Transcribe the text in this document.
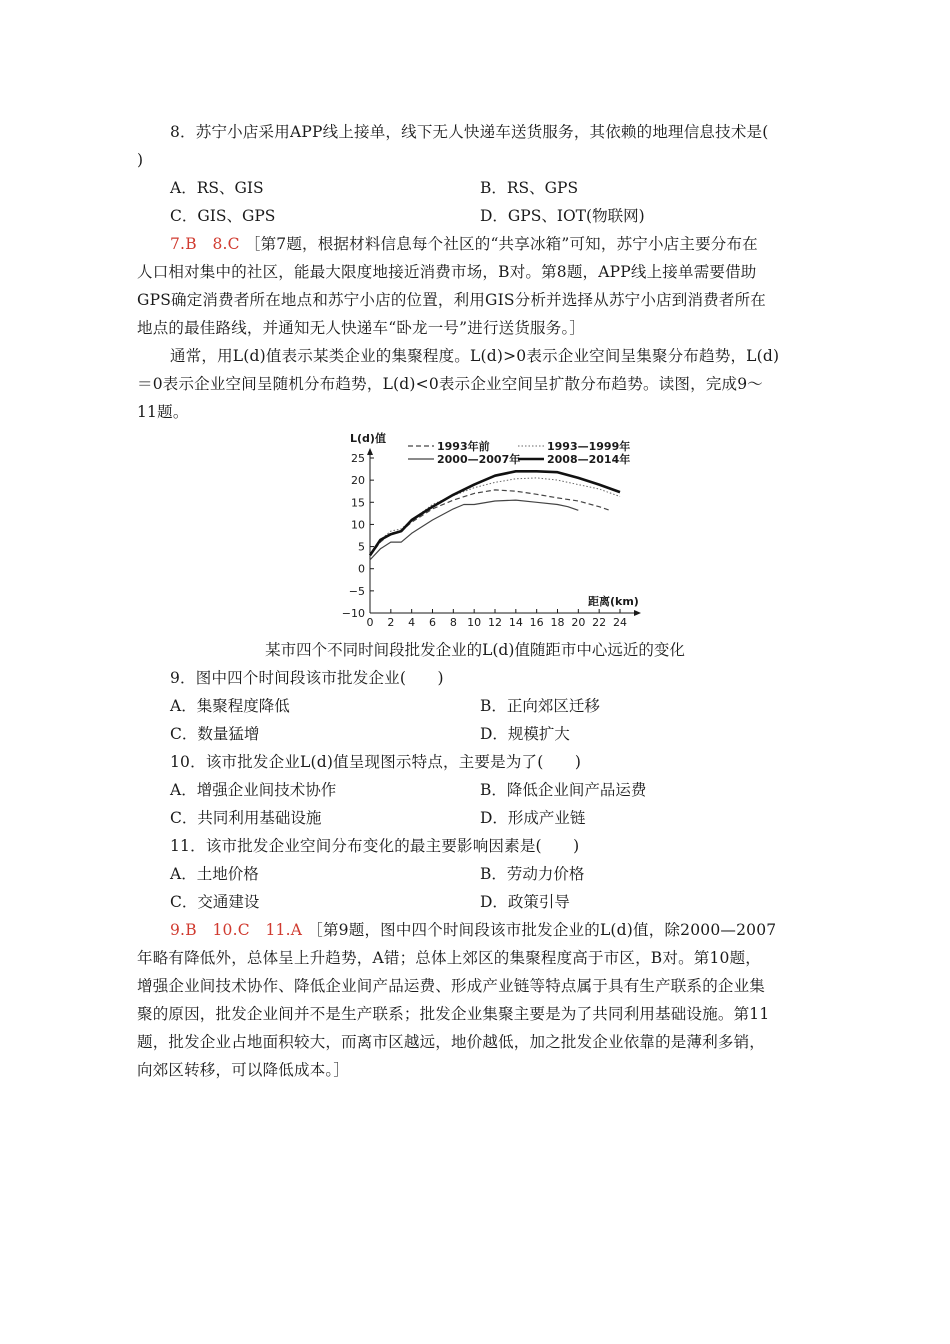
8．苏宁小店采用APP线上接单，线下无人快递车送货服务，其依赖的地理信息技术是(
)
A．RS、GIS	B．RS、GPS
C．GIS、GPS	D．GPS、IOT(物联网)
7.B　8.C ［第7题，根据材料信息每个社区的“共享冰箱”可知，苏宁小店主要分布在
人口相对集中的社区，能最大限度地接近消费市场，B对。第8题，APP线上接单需要借助
GPS确定消费者所在地点和苏宁小店的位置，利用GIS分析并选择从苏宁小店到消费者所在
地点的最佳路线，并通知无人快递车“卧龙一号”进行送货服务。］
通常，用L(d)值表示某类企业的集聚程度。L(d)>0表示企业空间呈集聚分布趋势，L(d)
＝0表示企业空间呈随机分布趋势，L(d)<0表示企业空间呈扩散分布趋势。读图，完成9～
11题。
L(d)值
25
20
15
10
5
0
−5
−10
0 2 4 6 8 10 12 14 16 18 20 22 24
1993年前	1993—1999年
2000—2007年 2008—2014年
距离(km)
某市四个不同时间段批发企业的L(d)值随距市中心远近的变化
9．图中四个时间段该市批发企业(　　)
A．集聚程度降低	B．正向郊区迁移
C．数量猛增	D．规模扩大
10．该市批发企业L(d)值呈现图示特点，主要是为了(　　)
A．增强企业间技术协作	B．降低企业间产品运费
C．共同利用基础设施	D．形成产业链
11．该市批发企业空间分布变化的最主要影响因素是(　　)
A．土地价格	B．劳动力价格
C．交通建设	D．政策引导
9.B　10.C　11.A ［第9题，图中四个时间段该市批发企业的L(d)值，除2000—2007
年略有降低外，总体呈上升趋势，A错；总体上郊区的集聚程度高于市区，B对。第10题，
增强企业间技术协作、降低企业间产品运费、形成产业链等特点属于具有生产联系的企业集
聚的原因，批发企业间并不是生产联系；批发企业集聚主要是为了共同利用基础设施。第11
题，批发企业占地面积较大，而离市区越远，地价越低，加之批发企业依靠的是薄利多销，
向郊区转移，可以降低成本。］
